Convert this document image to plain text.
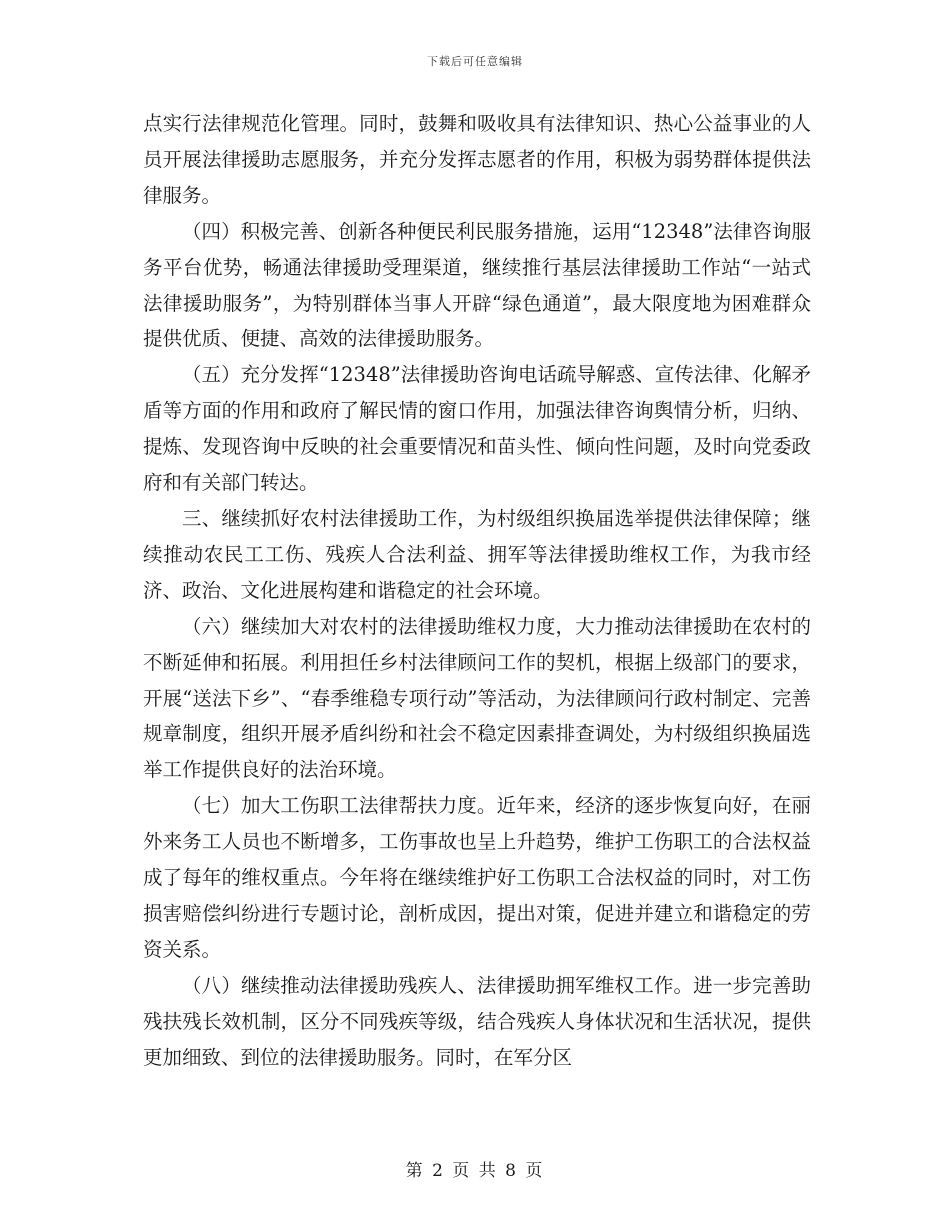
下载后可任意编辑

点实行法律规范化管理。同时，鼓舞和吸收具有法律知识、热心公益事业的人员开展法律援助志愿服务，并充分发挥志愿者的作用，积极为弱势群体提供法律服务。

（四）积极完善、创新各种便民利民服务措施，运用“12348”法律咨询服务平台优势，畅通法律援助受理渠道，继续推行基层法律援助工作站“一站式法律援助服务”，为特别群体当事人开辟“绿色通道”，最大限度地为困难群众提供优质、便捷、高效的法律援助服务。

（五）充分发挥“12348”法律援助咨询电话疏导解惑、宣传法律、化解矛盾等方面的作用和政府了解民情的窗口作用，加强法律咨询舆情分析，归纳、提炼、发现咨询中反映的社会重要情况和苗头性、倾向性问题，及时向党委政府和有关部门转达。

三、继续抓好农村法律援助工作，为村级组织换届选举提供法律保障；继续推动农民工工伤、残疾人合法利益、拥军等法律援助维权工作，为我市经济、政治、文化进展构建和谐稳定的社会环境。

（六）继续加大对农村的法律援助维权力度，大力推动法律援助在农村的不断延伸和拓展。利用担任乡村法律顾问工作的契机，根据上级部门的要求，开展“送法下乡”、“春季维稳专项行动”等活动，为法律顾问行政村制定、完善规章制度，组织开展矛盾纠纷和社会不稳定因素排查调处，为村级组织换届选举工作提供良好的法治环境。

（七）加大工伤职工法律帮扶力度。近年来，经济的逐步恢复向好，在丽外来务工人员也不断增多，工伤事故也呈上升趋势，维护工伤职工的合法权益成了每年的维权重点。今年将在继续维护好工伤职工合法权益的同时，对工伤损害赔偿纠纷进行专题讨论，剖析成因，提出对策，促进并建立和谐稳定的劳资关系。

（八）继续推动法律援助残疾人、法律援助拥军维权工作。进一步完善助残扶残长效机制，区分不同残疾等级，结合残疾人身体状况和生活状况，提供更加细致、到位的法律援助服务。同时，在军分区

第 2 页 共 8 页
